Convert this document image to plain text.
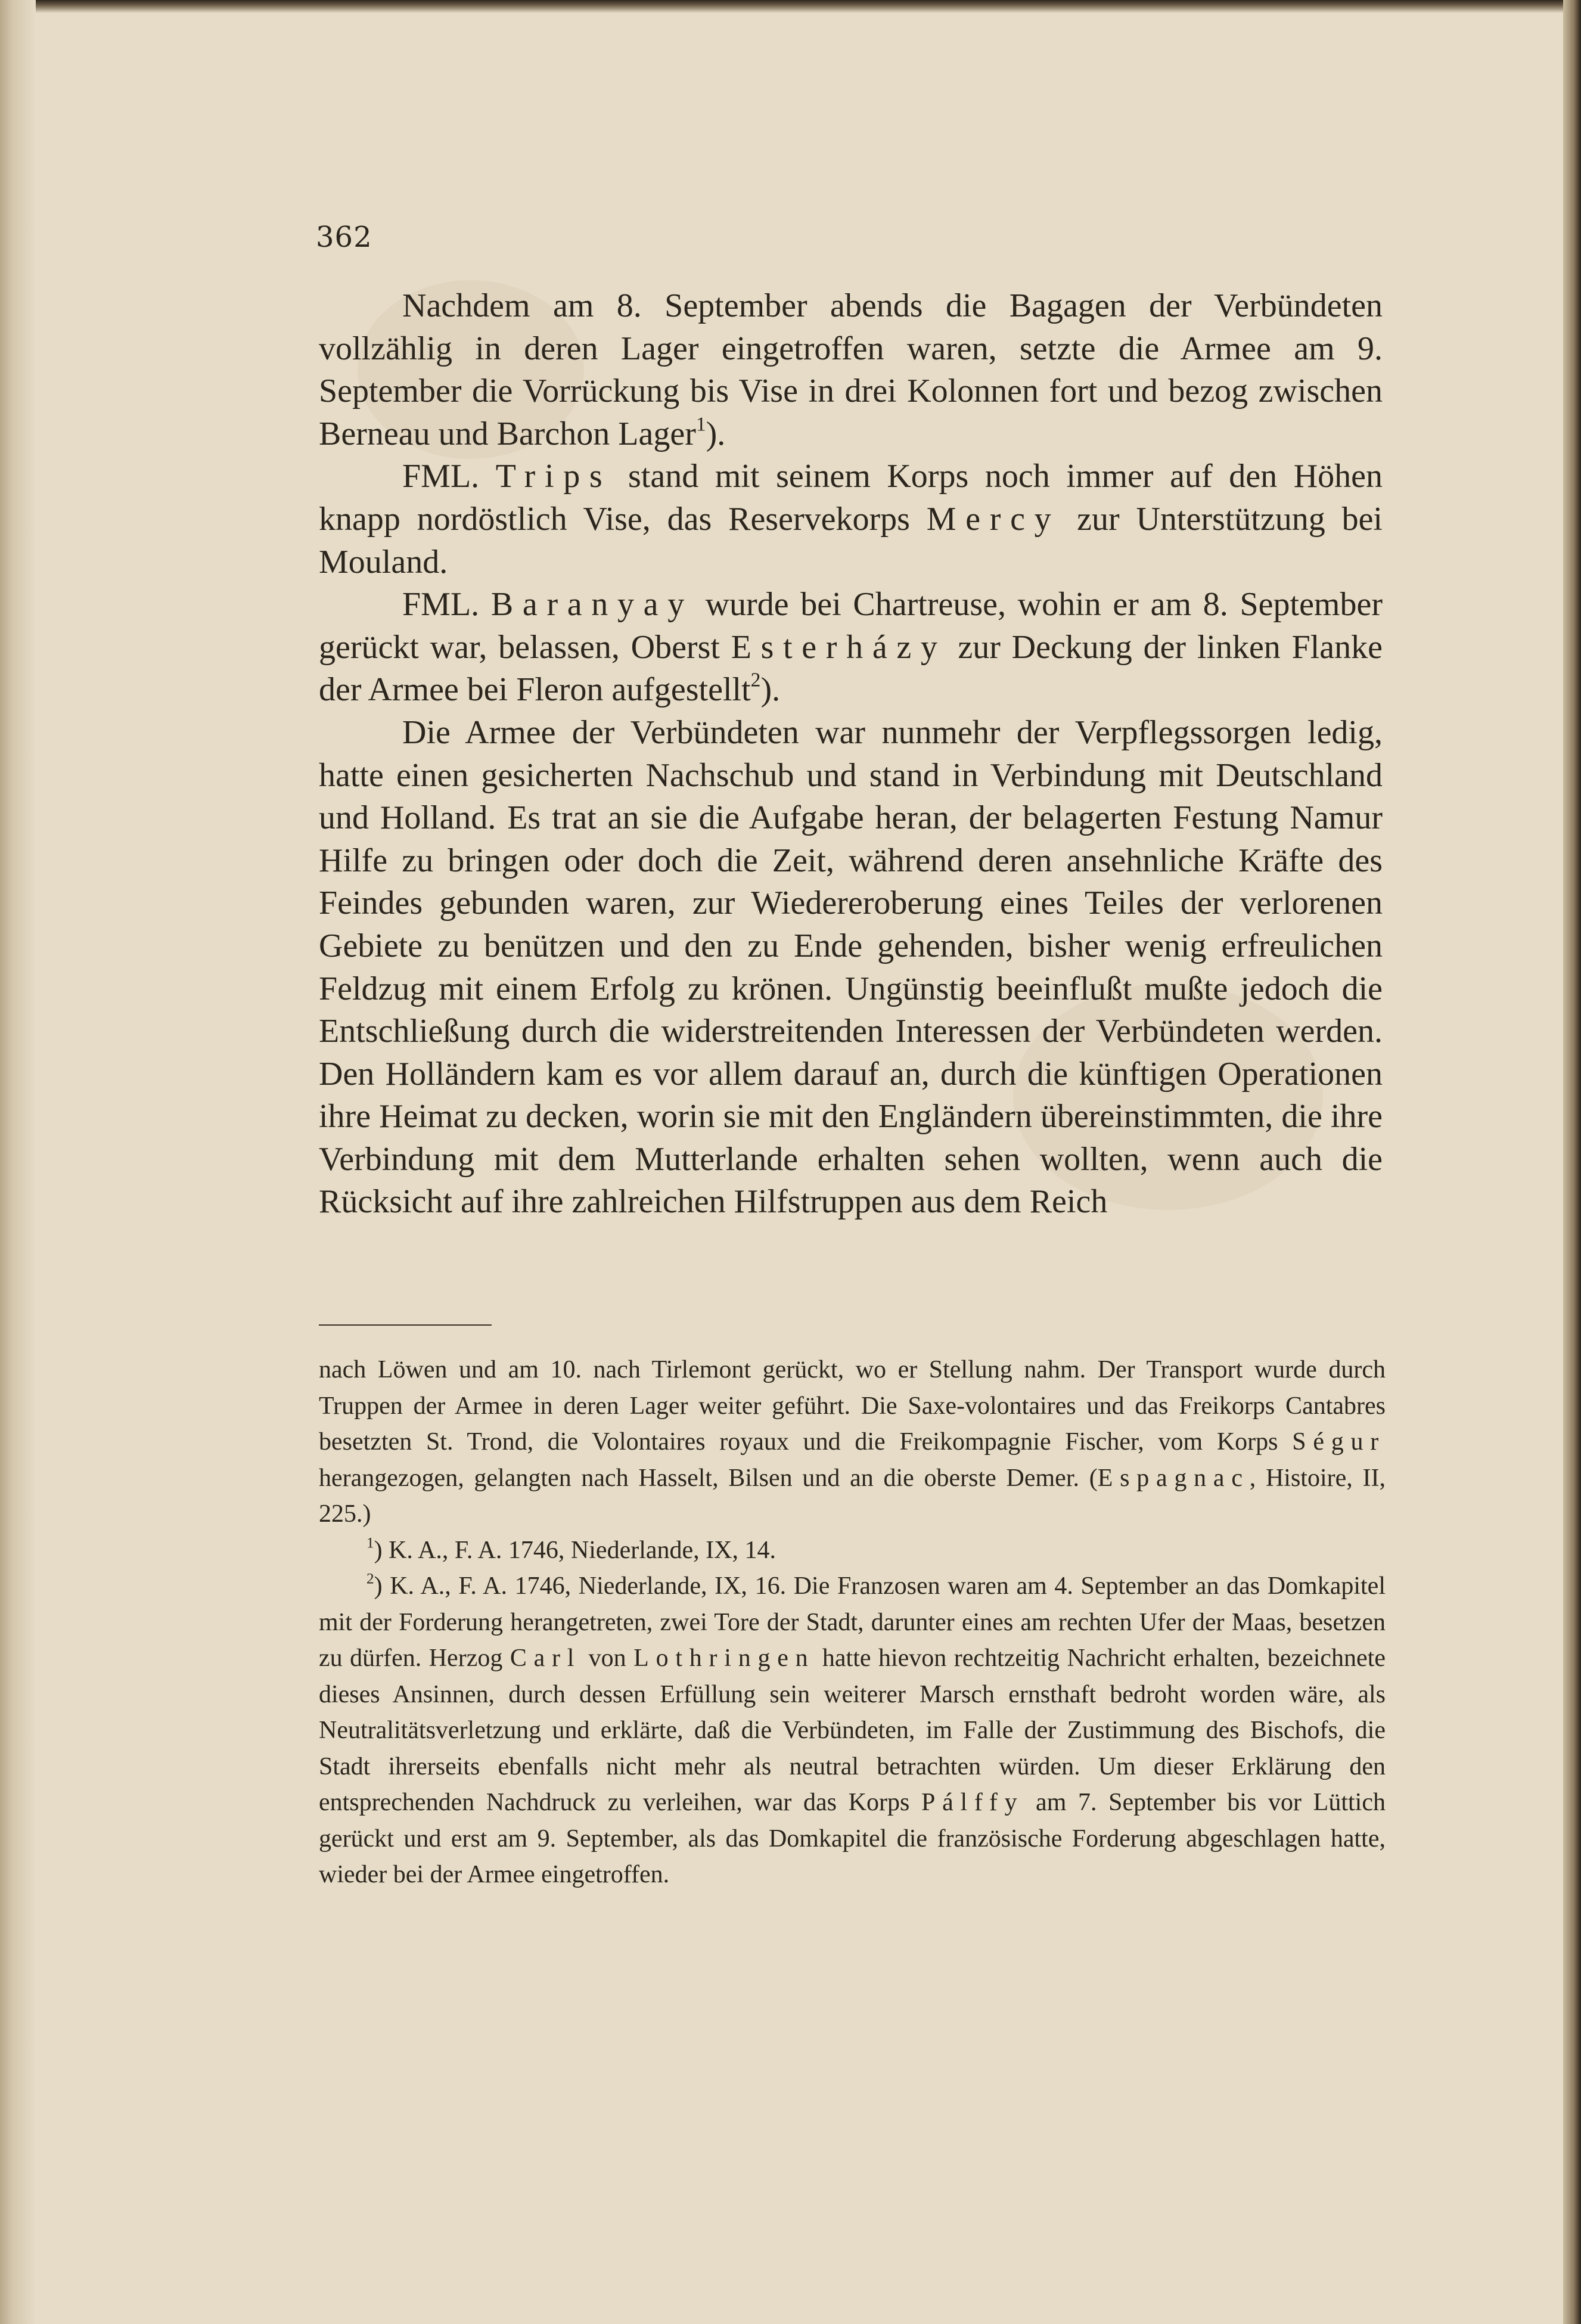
362

Nachdem am 8. September abends die Bagagen der Verbündeten vollzählig in deren Lager eingetroffen waren, setzte die Armee am 9. September die Vorrückung bis Vise in drei Kolonnen fort und bezog zwischen Berneau und Barchon Lager$^1$).

FML. Trips stand mit seinem Korps noch immer auf den Höhen knapp nordöstlich Vise, das Reservekorps Mercy zur Unterstützung bei Mouland.

FML. Baranyay wurde bei Chartreuse, wohin er am 8. September gerückt war, belassen, Oberst Esterházy zur Deckung der linken Flanke der Armee bei Fleron aufgestellt$^2$).

Die Armee der Verbündeten war nunmehr der Verpflegssorgen ledig, hatte einen gesicherten Nachschub und stand in Verbindung mit Deutschland und Holland. Es trat an sie die Aufgabe heran, der belagerten Festung Namur Hilfe zu bringen oder doch die Zeit, während deren ansehnliche Kräfte des Feindes gebunden waren, zur Wiedereroberung eines Teiles der verlorenen Gebiete zu benützen und den zu Ende gehenden, bisher wenig erfreulichen Feldzug mit einem Erfolg zu krönen. Ungünstig beeinflußt mußte jedoch die Entschließung durch die widerstreitenden Interessen der Verbündeten werden. Den Holländern kam es vor allem darauf an, durch die künftigen Operationen ihre Heimat zu decken, worin sie mit den Engländern übereinstimmten, die ihre Verbindung mit dem Mutterlande erhalten sehen wollten, wenn auch die Rücksicht auf ihre zahlreichen Hilfstruppen aus dem Reich

nach Löwen und am 10. nach Tirlemont gerückt, wo er Stellung nahm. Der Transport wurde durch Truppen der Armee in deren Lager weiter geführt. Die Saxe-volontaires und das Freikorps Cantabres besetzten St. Trond, die Volontaires royaux und die Freikompagnie Fischer, vom Korps Ségur herangezogen, gelangten nach Hasselt, Bilsen und an die oberste Demer. (Espagnac, Histoire, II, 225.)

$^1$) K. A., F. A. 1746, Niederlande, IX, 14.

$^2$) K. A., F. A. 1746, Niederlande, IX, 16. Die Franzosen waren am 4. September an das Domkapitel mit der Forderung herangetreten, zwei Tore der Stadt, darunter eines am rechten Ufer der Maas, besetzen zu dürfen. Herzog Carl von Lothringen hatte hievon rechtzeitig Nachricht erhalten, bezeichnete dieses Ansinnen, durch dessen Erfüllung sein weiterer Marsch ernsthaft bedroht worden wäre, als Neutralitätsverletzung und erklärte, daß die Verbündeten, im Falle der Zustimmung des Bischofs, die Stadt ihrerseits ebenfalls nicht mehr als neutral betrachten würden. Um dieser Erklärung den entsprechenden Nachdruck zu verleihen, war das Korps Pálffy am 7. September bis vor Lüttich gerückt und erst am 9. September, als das Domkapitel die französische Forderung abgeschlagen hatte, wieder bei der Armee eingetroffen.
